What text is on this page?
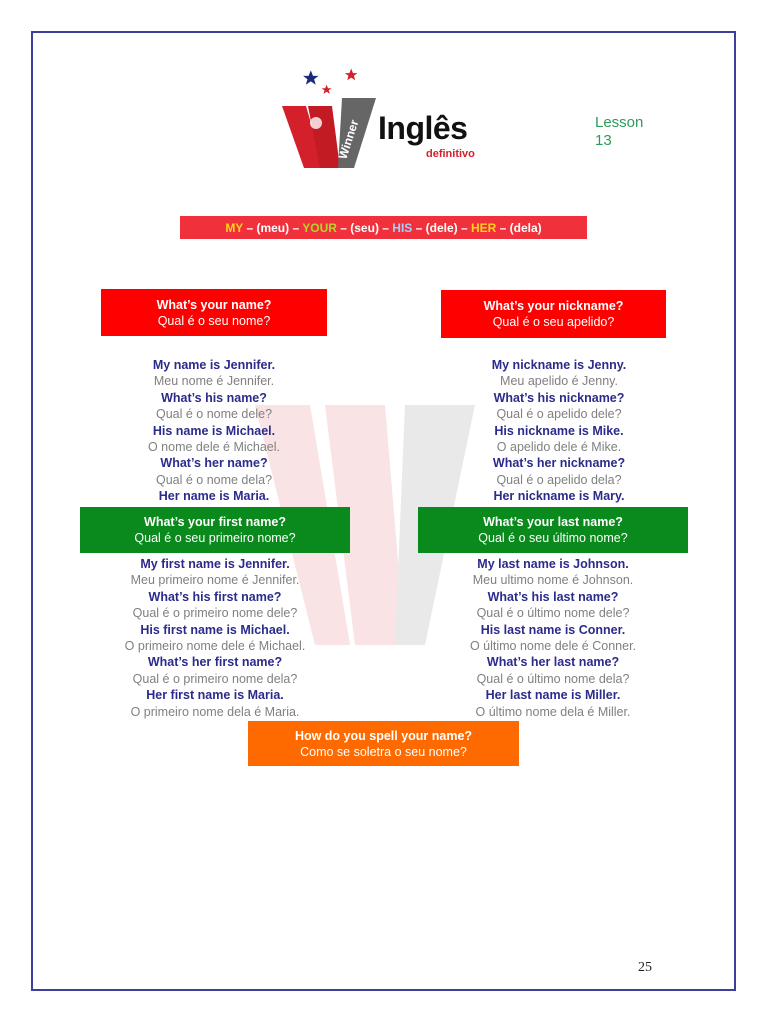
Winner Inglês
definitivo
Lesson 13
MY – (meu) – YOUR – (seu) – HIS – (dele) – HER – (dela)
What’s your name?
Qual é o seu nome?
What’s your nickname?
Qual é o seu apelido?
My name is Jennifer.
Meu nome é Jennifer.
What’s his name?
Qual é o nome dele?
His name is Michael.
O nome dele é Michael.
What’s her name?
Qual é o nome dela?
Her name is Maria.
My nickname is Jenny.
Meu apelido é Jenny.
What’s his nickname?
Qual é o apelido dele?
His nickname is Mike.
O apelido dele é Mike.
What’s her nickname?
Qual é o apelido dela?
Her nickname is Mary.
What’s your first name?
Qual é o seu primeiro nome?
What’s your last name?
Qual é o seu último nome?
My first name is Jennifer.
Meu primeiro nome é Jennifer.
What’s his first name?
Qual é o primeiro nome dele?
His first name is Michael.
O primeiro nome dele é Michael.
What’s her first name?
Qual é o primeiro nome dela?
Her first name is Maria.
O primeiro nome dela é Maria.
My last name is Johnson.
Meu ultimo nome é Johnson.
What’s his last name?
Qual é o último nome dele?
His last name is Conner.
O último nome dele é Conner.
What’s her last name?
Qual é o último nome dela?
Her last name is Miller.
O último nome dela é Miller.
How do you spell your name?
Como se soletra o seu nome?
25
